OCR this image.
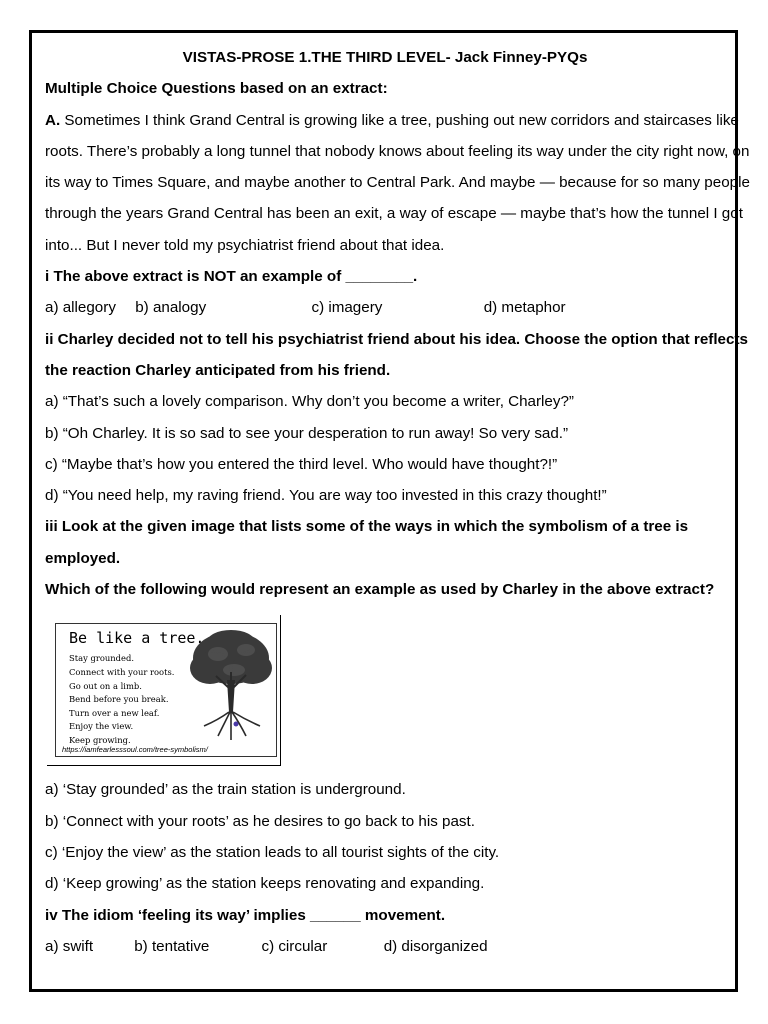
VISTAS-PROSE 1.THE THIRD LEVEL- Jack Finney-PYQs
Multiple Choice Questions based on an extract:
A. Sometimes I think Grand Central is growing like a tree, pushing out new corridors and staircases like
roots. There’s probably a long tunnel that nobody knows about feeling its way under the city right now, on
its way to Times Square, and maybe another to Central Park. And maybe — because for so many people
through the years Grand Central has been an exit, a way of escape — maybe that’s how the tunnel I got
into... But I never told my psychiatrist friend about that idea.
i The above extract is NOT an example of ________.
a) allegory b) analogy	c) imagery	d) metaphor
ii Charley decided not to tell his psychiatrist friend about his idea. Choose the option that reflects
the reaction Charley anticipated from his friend.
a) “That’s such a lovely comparison. Why don’t you become a writer, Charley?”
b) “Oh Charley. It is so sad to see your desperation to run away! So very sad.”
c) “Maybe that’s how you entered the third level. Who would have thought?!”
d) “You need help, my raving friend. You are way too invested in this crazy thought!”
iii Look at the given image that lists some of the ways in which the symbolism of a tree is
employed.
Which of the following would represent an example as used by Charley in the above extract?
Be like a tree.
Stay grounded.
Connect with your roots.
Go out on a limb.
Bend before you break.
Turn over a new leaf.
Enjoy the view.
Keep growing.
https://iamfearlesssoul.com/tree-symbolism/
a) ‘Stay grounded’ as the train station is underground.
b) ‘Connect with your roots’ as he desires to go back to his past.
c) ‘Enjoy the view’ as the station leads to all tourist sights of the city.
d) ‘Keep growing’ as the station keeps renovating and expanding.
iv The idiom ‘feeling its way’ implies ______ movement.
a) swift	b) tentative	c) circular	d) disorganized
